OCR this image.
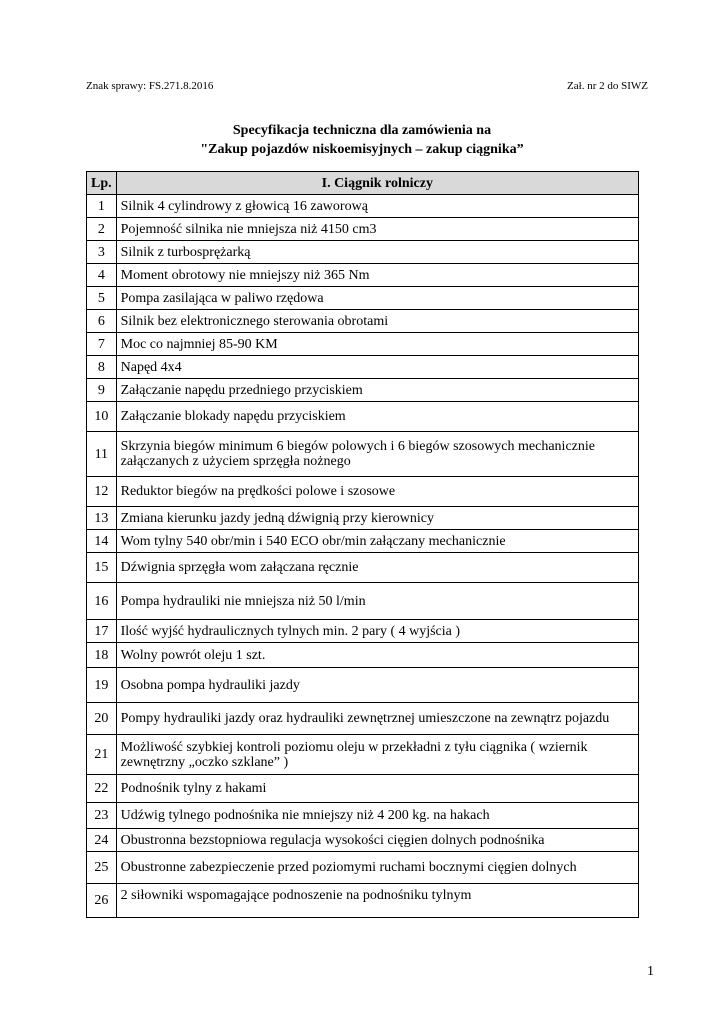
Znak sprawy: FS.271.8.2016	Zał. nr 2 do SIWZ
Specyfikacja techniczna dla zamówienia na
"Zakup pojazdów niskoemisyjnych – zakup ciągnika”
Lp.	I. Ciągnik rolniczy
1	Silnik 4 cylindrowy z głowicą 16 zaworową
2	Pojemność silnika nie mniejsza niż 4150 cm3
3	Silnik z turbosprężarką
4	Moment obrotowy nie mniejszy niż 365 Nm
5	Pompa zasilająca w paliwo rzędowa
6	Silnik bez elektronicznego sterowania obrotami
7	Moc co najmniej 85-90 KM
8	Napęd 4x4
9	Załączanie napędu przedniego przyciskiem
10	Załączanie blokady napędu przyciskiem
11	Skrzynia biegów minimum 6 biegów polowych i 6 biegów szosowych mechanicznie załączanych z użyciem sprzęgła nożnego
12	Reduktor biegów na prędkości polowe i szosowe
13	Zmiana kierunku jazdy jedną dźwignią przy kierownicy
14	Wom tylny 540 obr/min i 540 ECO obr/min załączany mechanicznie
15	Dźwignia sprzęgła wom załączana ręcznie
16	Pompa hydrauliki nie mniejsza niż 50 l/min
17	Ilość wyjść hydraulicznych tylnych min. 2 pary ( 4 wyjścia )
18	Wolny powrót oleju 1 szt.
19	Osobna pompa hydrauliki jazdy
20	Pompy hydrauliki jazdy oraz hydrauliki zewnętrznej umieszczone na zewnątrz pojazdu
21	Możliwość szybkiej kontroli poziomu oleju w przekładni z tyłu ciągnika ( wziernik zewnętrzny „oczko szklane” )
22	Podnośnik tylny z hakami
23	Udźwig tylnego podnośnika nie mniejszy niż 4 200 kg. na hakach
24	Obustronna bezstopniowa regulacja wysokości cięgien dolnych podnośnika
25	Obustronne zabezpieczenie przed poziomymi ruchami bocznymi cięgien dolnych
26	2 siłowniki wspomagające podnoszenie na podnośniku tylnym
1
